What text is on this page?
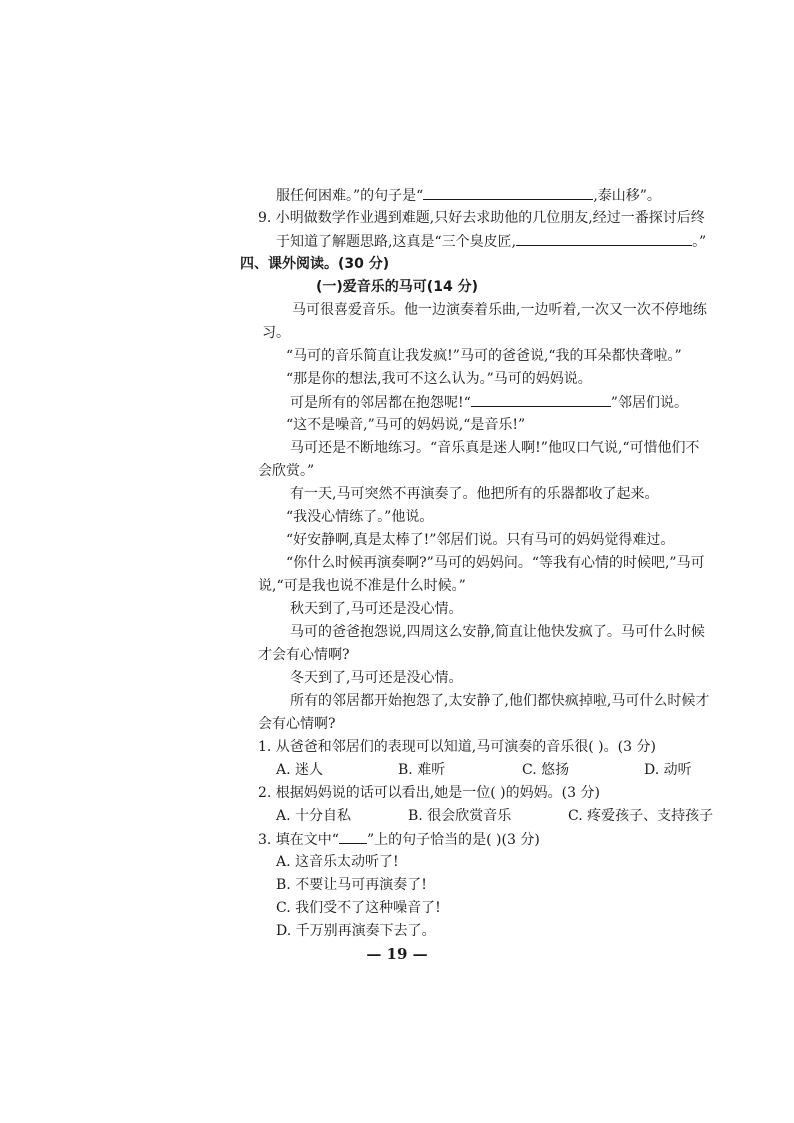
服任何困难。”的句子是“	,泰山移”。
9. 小明做数学作业遇到难题,只好去求助他的几位朋友,经过一番探讨后终
于知道了解题思路,这真是“三个臭皮匠,	。”
四、课外阅读。(30 分)
(一)爱音乐的马可(14 分)
马可很喜爱音乐。他一边演奏着乐曲,一边听着,一次又一次不停地练
习。
“马可的音乐简直让我发疯!”马可的爸爸说,“我的耳朵都快聋啦。”
“那是你的想法,我可不这么认为。”马可的妈妈说。
可是所有的邻居都在抱怨呢!“	”邻居们说。
“这不是噪音,”马可的妈妈说,“是音乐!”
马可还是不断地练习。“音乐真是迷人啊!”他叹口气说,“可惜他们不
会欣赏。”
有一天,马可突然不再演奏了。他把所有的乐器都收了起来。
“我没心情练了。”他说。
“好安静啊,真是太棒了!”邻居们说。只有马可的妈妈觉得难过。
“你什么时候再演奏啊?”马可的妈妈问。“等我有心情的时候吧,”马可
说,“可是我也说不准是什么时候。”
秋天到了,马可还是没心情。
马可的爸爸抱怨说,四周这么安静,简直让他快发疯了。马可什么时候
才会有心情啊?
冬天到了,马可还是没心情。
所有的邻居都开始抱怨了,太安静了,他们都快疯掉啦,马可什么时候才
会有心情啊?
1. 从爸爸和邻居们的表现可以知道,马可演奏的音乐很( )。(3 分)
A. 迷人	B. 难听	C. 悠扬	D. 动听
2. 根据妈妈说的话可以看出,她是一位( )的妈妈。(3 分)
A. 十分自私	B. 很会欣赏音乐	C. 疼爱孩子、支持孩子
3. 填在文中“ ”上的句子恰当的是( )(3 分)
A. 这音乐太动听了!
B. 不要让马可再演奏了!
C. 我们受不了这种噪音了!
D. 千万别再演奏下去了。
— 19 —
